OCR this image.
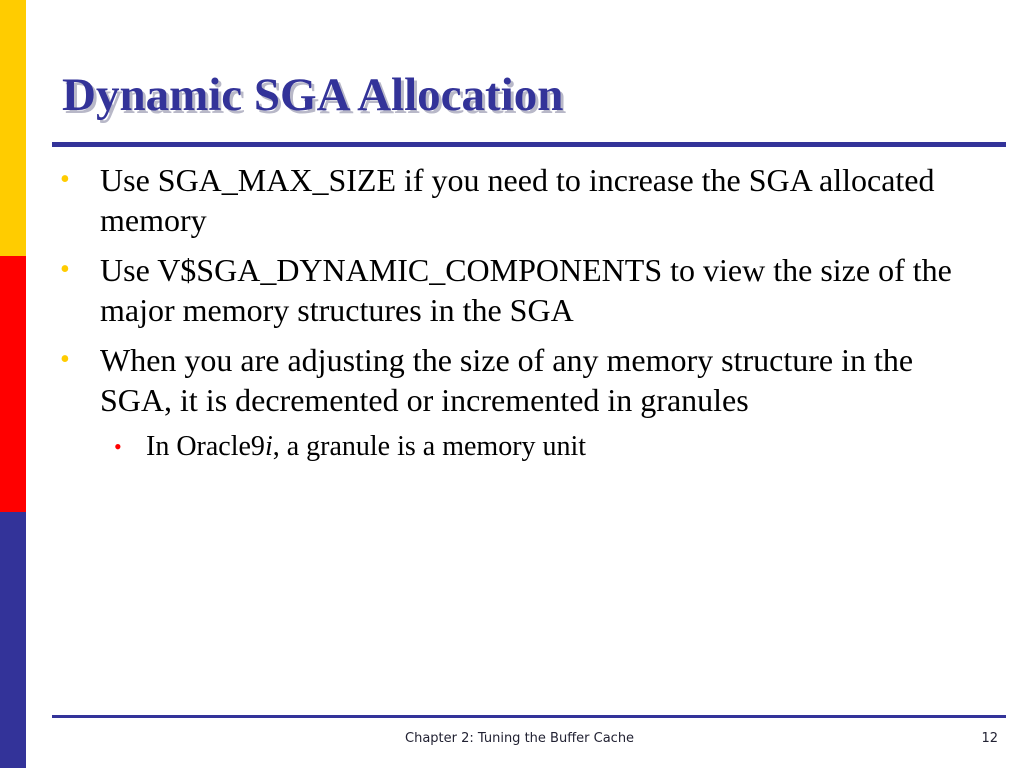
Dynamic SGA Allocation
• Use SGA_MAX_SIZE if you need to increase the SGA allocated memory
• Use V$SGA_DYNAMIC_COMPONENTS to view the size of the major memory structures in the SGA
• When you are adjusting the size of any memory structure in the SGA, it is decremented or incremented in granules
• In Oracle9i, a granule is a memory unit
Chapter 2: Tuning the Buffer Cache	12
